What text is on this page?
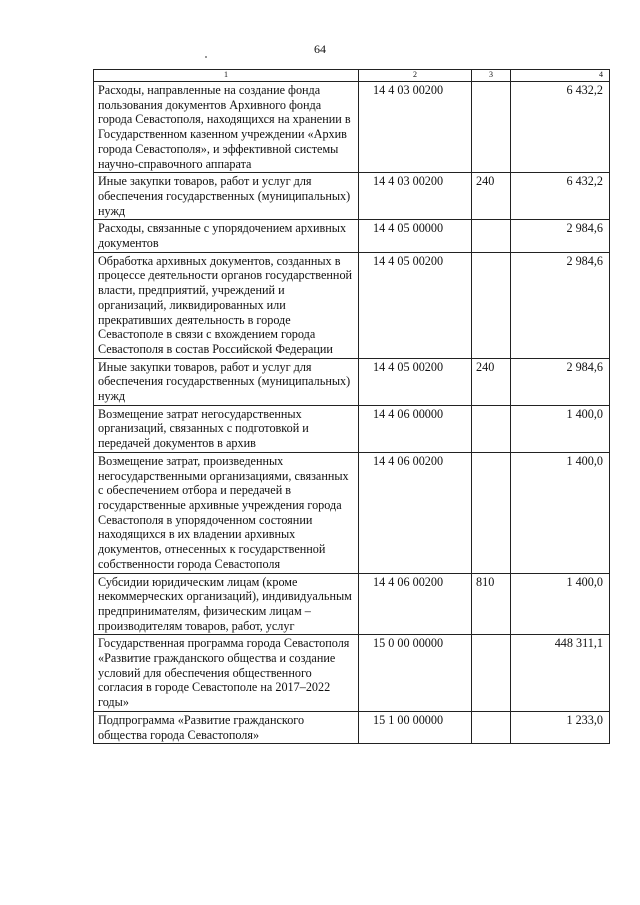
64
1	2	3	4
Расходы, направленные на создание фонда пользования документов Архивного фонда города Севастополя, находящихся на хранении в Государственном казенном учреждении «Архив города Севастополя», и эффективной системы научно-справочного аппарата	14 4 03 00200		6 432,2
Иные закупки товаров, работ и услуг для обеспечения государственных (муниципальных) нужд	14 4 03 00200	240	6 432,2
Расходы, связанные с упорядочением архивных документов	14 4 05 00000		2 984,6
Обработка архивных документов, созданных в процессе деятельности органов государственной власти, предприятий, учреждений и организаций, ликвидированных или прекративших деятельность в городе Севастополе в связи с вхождением города Севастополя в состав Российской Федерации	14 4 05 00200		2 984,6
Иные закупки товаров, работ и услуг для обеспечения государственных (муниципальных) нужд	14 4 05 00200	240	2 984,6
Возмещение затрат негосударственных организаций, связанных с подготовкой и передачей документов в архив	14 4 06 00000		1 400,0
Возмещение затрат, произведенных негосударственными организациями, связанных с обеспечением отбора и передачей в государственные архивные учреждения города Севастополя в упорядоченном состоянии находящихся в их владении архивных документов, отнесенных к государственной собственности города Севастополя	14 4 06 00200		1 400,0
Субсидии юридическим лицам (кроме некоммерческих организаций), индивидуальным предпринимателям, физическим лицам – производителям товаров, работ, услуг	14 4 06 00200	810	1 400,0
Государственная программа города Севастополя «Развитие гражданского общества и создание условий для обеспечения общественного согласия в городе Севастополе на 2017–2022 годы»	15 0 00 00000		448 311,1
Подпрограмма «Развитие гражданского общества города Севастополя»	15 1 00 00000		1 233,0
